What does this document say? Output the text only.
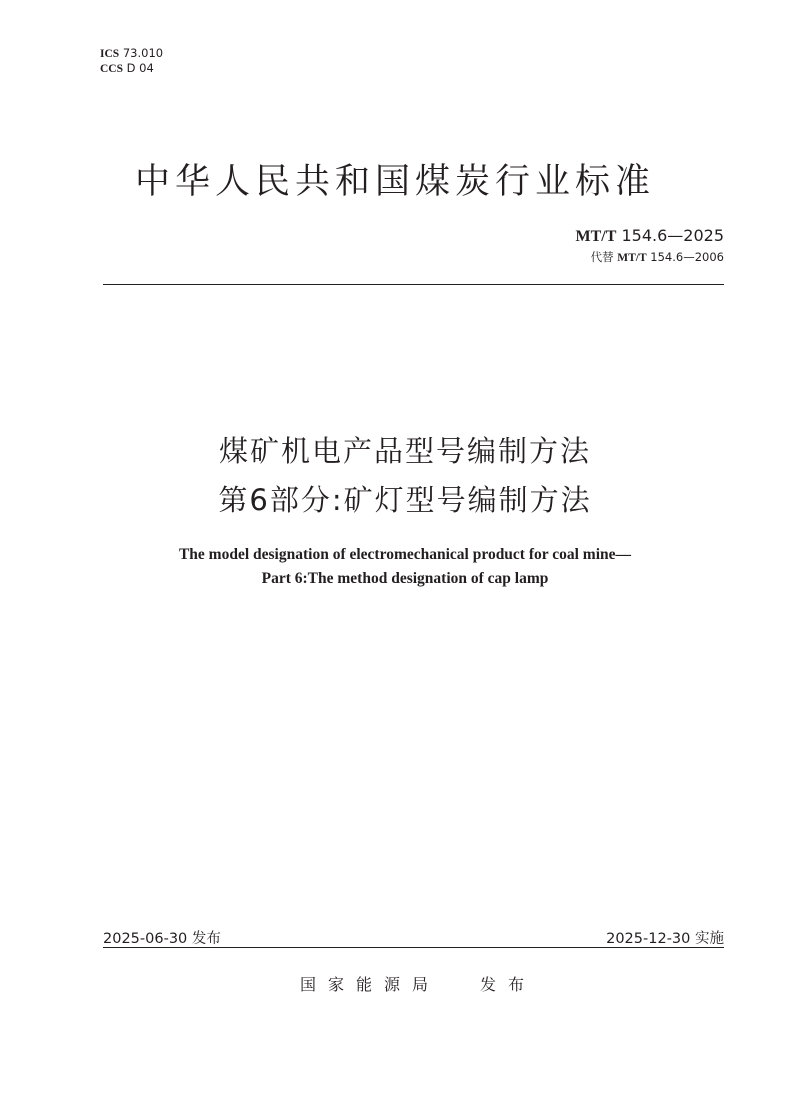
ICS 73.010
CCS D 04
中华人民共和国煤炭行业标准
MT/T 154.6—2025
代替 MT/T 154.6—2006
煤矿机电产品型号编制方法
第6部分:矿灯型号编制方法
The model designation of electromechanical product for coal mine—
Part 6:The method designation of cap lamp
2025-06-30 发布	2025-12-30 实施
国家能源局 发布
